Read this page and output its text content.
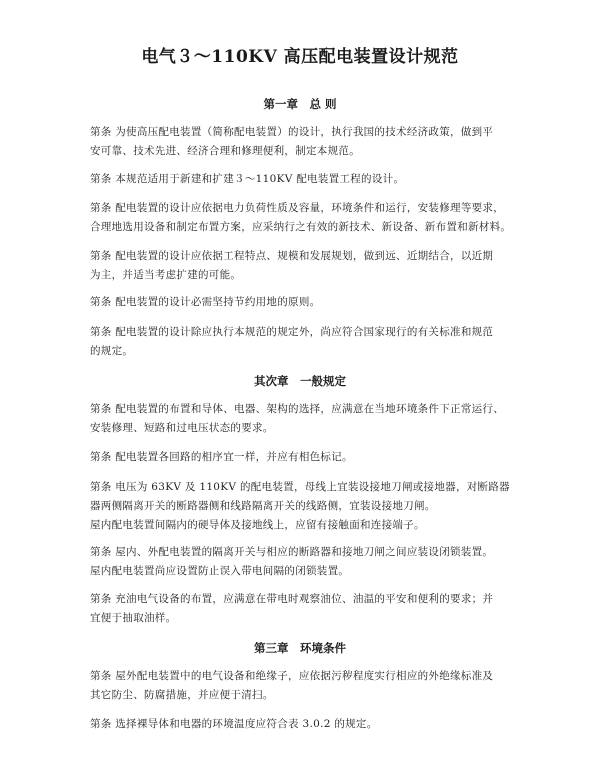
电气３～110KV 高压配电装置设计规范
第一章　总 则

第条 为使高压配电装置（简称配电装置）的设计，执行我国的技术经济政策，做到平
安可靠、技术先进、经济合理和修理便利，制定本规范。

第条 本规范适用于新建和扩建３～110KV 配电装置工程的设计。

第条 配电装置的设计应依据电力负荷性质及容量，环境条件和运行，安装修理等要求，
合理地选用设备和制定布置方案，应采纳行之有效的新技术、新设备、新布置和新材料。

第条 配电装置的设计应依据工程特点、规模和发展规划，做到远、近期结合，以近期
为主，并适当考虑扩建的可能。

第条 配电装置的设计必需坚持节约用地的原则。

第条 配电装置的设计除应执行本规范的规定外，尚应符合国家现行的有关标准和规范
的规定。

其次章　一般规定

第条 配电装置的布置和导体、电器、架构的选择，应满意在当地环境条件下正常运行、
安装修理、短路和过电压状态的要求。

第条 配电装置各回路的相序宜一样，并应有相色标记。

第条 电压为 63KV 及 110KV 的配电装置，母线上宜装设接地刀闸或接地器，对断路器
器两侧隔离开关的断路器侧和线路隔离开关的线路侧，宜装设接地刀闸。
屋内配电装置间隔内的硬导体及接地线上，应留有接触面和连接端子。

第条 屋内、外配电装置的隔离开关与相应的断路器和接地刀闸之间应装设闭锁装置。
屋内配电装置尚应设置防止误入带电间隔的闭锁装置。

第条 充油电气设备的布置，应满意在带电时观察油位、油温的平安和便利的要求；并
宜便于抽取油样。

第三章　环境条件

第条 屋外配电装置中的电气设备和绝缘子，应依据污秽程度实行相应的外绝缘标准及
其它防尘、防腐措施，并应便于清扫。

第条 选择裸导体和电器的环境温度应符合表 3.0.2 的规定。
